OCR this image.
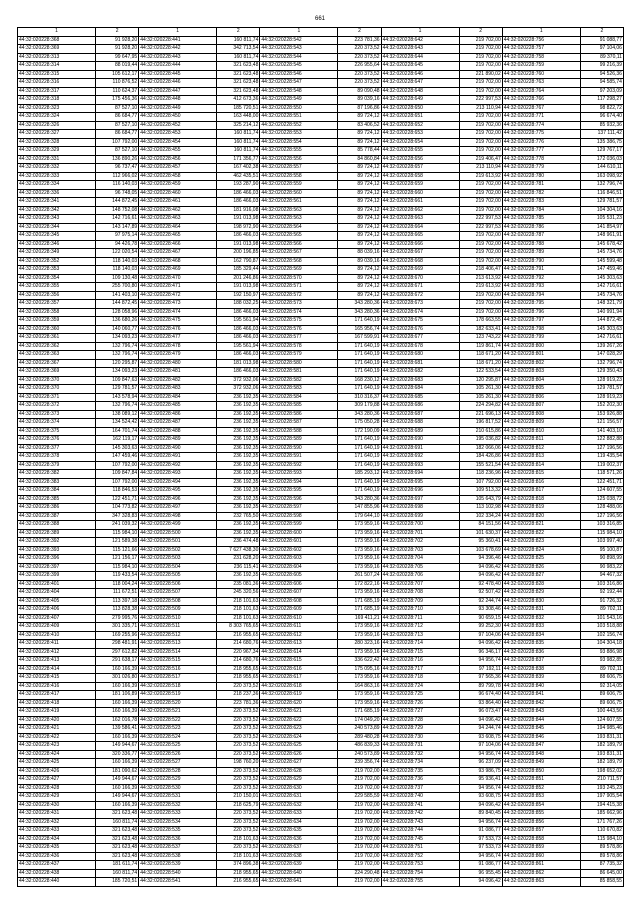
661
1	2	1	2	1	2	1	2	1	2
44:32:020228:368	91 928,20	44:32:020228:441	160 811,74	44:32:020228:542	223 781,36	44:32:020228:642	219 702,00	44:32:020228:756	91 088,77
44:32:020228:369	91 928,20	44:32:020228:442	342 713,54	44:32:020228:543	220 373,52	44:32:020228:643	219 702,00	44:32:020228:757	97 104,06
44:32:020228:313	99 647,95	44:32:020228:443	160 811,74	44:32:020228:544	220 373,52	44:32:020228:644	219 702,00	44:32:020228:758	89 370,11
44:32:020228:314	88 019,44	44:32:020228:444	321 623,48	44:32:020228:545	226 955,64	44:32:020228:645	219 702,00	44:32:020228:759	99 216,39
44:32:020228:315	105 612,17	44:32:020228:445	321 623,48	44:32:020228:546	220 373,52	44:32:020228:646	221 890,02	44:32:020228:760	94 526,36
44:32:020228:316	110 876,52	44:32:020228:446	321 623,48	44:32:020228:547	220 373,52	44:32:020228:647	219 702,00	44:32:020228:763	94 585,74
44:32:020228:317	110 624,37	44:32:020228:447	321 623,48	44:32:020228:548	89 090,48	44:32:020228:648	219 702,00	44:32:020228:764	97 203,09
44:32:020228:318	175 456,36	44:32:020228:448	412 673,36	44:32:020228:549	89 039,16	44:32:020228:649	222 997,53	44:32:020228:766	117 298,27
44:32:020228:323	87 527,10	44:32:020228:449	185 720,51	44:32:020228:550	87 196,86	44:32:020228:650	213 110,94	44:32:020228:767	98 822,72
44:32:020228:324	86 684,77	44:32:020228:450	163 448,00	44:32:020228:551	89 724,12	44:32:020228:651	219 702,00	44:32:020228:771	96 674,40
44:32:020228:326	87 527,10	44:32:020228:452	325 214,12	44:32:020228:552	83 406,52	44:32:020228:652	219 702,00	44:32:020228:774	85 932,36
44:32:020228:327	86 684,77	44:32:020228:453	160 811,74	44:32:020228:553	89 724,12	44:32:020228:653	219 702,00	44:32:020228:775	137 111,42
44:32:020228:328	107 792,00	44:32:020228:454	160 811,74	44:32:020228:554	89 724,12	44:32:020228:654	219 702,00	44:32:020228:776	135 386,75
44:32:020228:329	87 527,10	44:32:020228:455	160 811,74	44:32:020228:555	85 778,44	44:32:020228:655	219 702,00	44:32:020228:777	129 767,17
44:32:020228:331	136 890,26	44:32:020228:456	171 356,77	44:32:020228:556	84 860,84	44:32:020228:656	219 406,47	44:32:020228:778	172 036,03
44:32:020228:332	96 737,47	44:32:020228:457	167 402,38	44:32:020228:557	89 724,12	44:32:020228:657	213 110,94	44:32:020228:779	144 610,11
44:32:020228:333	112 966,02	44:32:020228:458	462 435,51	44:32:020228:558	89 724,12	44:32:020228:658	219 613,92	44:32:020228:780	163 098,92
44:32:020228:334	116 140,03	44:32:020228:459	193 287,90	44:32:020228:559	89 724,12	44:32:020228:659	219 702,00	44:32:020228:781	132 796,74
44:32:020228:336	96 748,05	44:32:020228:460	186 466,03	44:32:020228:560	89 724,12	44:32:020228:660	219 702,00	44:32:020228:782	116 846,51
44:32:020228:341	144 872,45	44:32:020228:461	186 466,03	44:32:020228:561	89 724,12	44:32:020228:661	219 702,00	44:32:020228:783	129 781,57
44:32:020228:342	148 752,08	44:32:020228:462	181 916,08	44:32:020228:563	89 724,12	44:32:020228:662	219 702,00	44:32:020228:784	104 304,16
44:32:020228:343	142 716,61	44:32:020228:463	191 013,98	44:32:020228:563	89 724,12	44:32:020228:663	222 997,53	44:32:020228:785	105 531,23
44:32:020228:344	143 147,89	44:32:020228:464	198 972,90	44:32:020228:564	89 724,12	44:32:020228:664	222 997,53	44:32:020228:786	141 854,97
44:32:020228:345	97 975,14	44:32:020228:465	186 466,03	44:32:020228:565	89 724,12	44:32:020228:665	219 702,00	44:32:020228:787	148 961,91
44:32:020228:346	94 426,78	44:32:020228:466	191 013,98	44:32:020228:566	89 724,12	44:32:020228:666	219 702,00	44:32:020228:788	145 678,42
44:32:020228:349	122 020,54	44:32:020228:467	200 196,85	44:32:020228:567	88 039,16	44:32:020228:667	219 702,00	44:32:020228:789	145 734,76
44:32:020228:352	118 140,03	44:32:020228:468	162 790,87	44:32:020228:568	89 039,16	44:32:020228:668	219 702,00	44:32:020228:790	145 599,48
44:32:020228:353	118 140,03	44:32:020228:469	185 329,44	44:32:020228:569	89 724,12	44:32:020228:669	218 406,47	44:32:020228:791	147 459,46
44:32:020228:354	109 130,48	44:32:020228:470	201 246,86	44:32:020228:570	89 724,12	44:32:020228:670	213 613,92	44:32:020228:792	145 303,63
44:32:020228:355	255 700,80	44:32:020228:471	191 013,98	44:32:020228:571	89 724,12	44:32:020228:671	219 613,92	44:32:020228:793	142 716,61
44:32:020228:356	141 403,10	44:32:020228:472	192 150,97	44:32:020228:572	89 724,12	44:32:020228:672	219 702,00	44:32:020228:794	145 734,76
44:32:020228:357	144 872,45	44:32:020228:473	188 032,25	44:32:020228:573	343 280,36	44:32:020228:673	219 702,00	44:32:020228:795	148 321,79
44:32:020228:358	128 058,96	44:32:020228:474	186 466,03	44:32:020228:574	343 280,36	44:32:020228:674	219 702,00	44:32:020228:796	140 991,94
44:32:020228:359	136 680,26	44:32:020228:475	195 561,94	44:32:020228:575	171 640,19	44:32:020228:675	178 663,55	44:32:020228:797	144 872,45
44:32:020228:360	140 060,77	44:32:020228:476	186 466,03	44:32:020228:576	165 956,74	44:32:020228:676	182 633,41	44:32:020228:798	145 303,63
44:32:020228:361	134 093,23	44:32:020228:477	186 466,03	44:32:020228:577	167 599,91	44:32:020228:677	123 743,22	44:32:020228:799	142 716,61
44:32:020228:362	132 796,74	44:32:020228:478	195 561,94	44:32:020228:578	171 640,19	44:32:020228:678	119 861,74	44:32:020228:800	139 267,26
44:32:020228:363	132 796,74	44:32:020228:479	186 466,03	44:32:020228:579	171 640,19	44:32:020228:680	118 671,20	44:32:020228:801	147 028,29
44:32:020228:367	120 295,87	44:32:020228:480	181 013,98	44:32:020228:580	171 640,19	44:32:020228:681	118 671,20	44:32:020228:802	132 796,74
44:32:020228:369	134 093,23	44:32:020228:481	186 466,03	44:32:020228:581	171 640,19	44:32:020228:682	122 533,54	44:32:020228:803	129 350,43
44:32:020228:370	109 847,63	44:32:020228:482	372 932,06	44:32:020228:582	168 230,12	44:32:020228:683	120 295,87	44:32:020228:804	128 919,23
44:32:020228:370	129 781,57	44:32:020228:483	372 932,06	44:32:020228:583	171 640,19	44:32:020228:684	105 261,30	44:32:020228:805	129 781,57
44:32:020228:371	143 578,94	44:32:020228:484	236 192,35	44:32:020228:584	310 316,37	44:32:020228:685	105 261,30	44:32:020228:806	128 919,23
44:32:020228:372	132 796,74	44:32:020228:485	236 192,35	44:32:020228:585	309 179,88	44:32:020228:686	224 294,82	44:32:020228:807	152 202,30
44:32:020228:373	138 089,12	44:32:020228:486	236 192,35	44:32:020228:586	343 280,36	44:32:020228:687	221 696,13	44:32:020228:808	153 926,88
44:32:020228:374	134 524,42	44:32:020228:487	236 192,35	44:32:020228:587	175 050,28	44:32:020228:688	196 817,52	44:32:020228:809	121 156,57
44:32:020228:375	164 701,74	44:32:020228:488	236 192,35	44:32:020228:588	172 190,09	44:32:020228:689	210 615,86	44:32:020228:810	141 403,10
44:32:020228:376	162 119,17	44:32:020228:489	236 192,35	44:32:020228:589	171 640,19	44:32:020228:690	195 036,82	44:32:020228:811	122 882,88
44:32:020228:377	145 303,63	44:32:020228:490	236 192,35	44:32:020228:590	171 640,19	44:32:020228:691	182 066,06	44:32:020228:812	127 196,56
44:32:020228:378	147 459,46	44:32:020228:491	236 192,35	44:32:020228:591	171 640,19	44:32:020228:692	184 426,86	44:32:020228:813	119 435,54
44:32:020228:379	107 792,00	44:32:020228:492	236 192,35	44:32:020228:592	171 640,19	44:32:020228:693	155 521,54	44:32:020228:814	119 002,37
44:32:020228:382	109 847,84	44:32:020228:493	236 192,35	44:32:020228:593	185 293,12	44:32:020228:694	118 236,96	44:32:020228:815	118 571,26
44:32:020228:383	107 792,00	44:32:020228:494	236 192,35	44:32:020228:594	171 640,19	44:32:020228:695	107 792,00	44:32:020228:816	122 451,71
44:32:020228:384	118 846,53	44:32:020228:495	236 192,35	44:32:020228:595	171 640,19	44:32:020228:696	109 513,32	44:32:020228:817	124 607,55
44:32:020228:385	122 451,71	44:32:020228:496	236 192,35	44:32:020228:596	343 280,36	44:32:020228:697	105 643,79	44:32:020228:818	125 038,72
44:32:020228:386	104 773,82	44:32:020228:497	236 192,35	44:32:020228:597	147 855,96	44:32:020228:698	113 102,98	44:32:020228:819	128 488,06
44:32:020228:387	347 328,83	44:32:020228:498	232 765,50	44:32:020228:598	179 644,10	44:32:020228:699	102 334,24	44:32:020228:820	127 196,56
44:32:020228:388	241 039,32	44:32:020228:499	236 192,35	44:32:020228:599	173 959,16	44:32:020228:700	84 151,56	44:32:020228:821	103 316,85
44:32:020228:389	115 984,10	44:32:020228:500	236 192,35	44:32:020228:600	173 959,16	44:32:020228:701	101 630,37	44:32:020228:822	115 984,10
44:32:020228:392	121 589,38	44:32:020228:501	236 474,48	44:32:020228:601	173 959,16	44:32:020228:702	95 360,41	44:32:020228:823	103 997,40
44:32:020228:393	115 121,66	44:32:020228:502	7 627 438,30	44:32:020228:602	173 959,16	44:32:020228:703	103 678,69	44:32:020228:824	95 100,87
44:32:020228:396	121 156,17	44:32:020228:503	231 628,20	44:32:020228:603	173 959,16	44:32:020228:704	94 396,46	44:32:020228:825	90 898,99
44:32:020228:397	115 984,10	44:32:020228:504	236 115,41	44:32:020228:604	173 959,16	44:32:020228:705	94 096,42	44:32:020228:826	90 983,22
44:32:020228:399	119 433,54	44:32:020228:505	236 192,35	44:32:020228:605	261 507,24	44:32:020228:706	94 096,42	44:32:020228:827	94 467,32
44:32:020228:401	118 004,24	44:32:020228:506	235 081,36	44:32:020228:606	172 822,16	44:32:020228:707	92 478,40	44:32:020228:828	103 316,86
44:32:020228:404	111 672,51	44:32:020228:507	245 320,56	44:32:020228:607	173 959,16	44:32:020228:708	92 507,42	44:32:020228:829	92 192,44
44:32:020228:405	113 397,18	44:32:020228:508	218 101,63	44:32:020228:608	171 685,19	44:32:020228:709	92 244,74	44:32:020228:830	91 726,32
44:32:020228:406	113 828,38	44:32:020228:509	218 101,63	44:32:020228:609	171 685,19	44:32:020228:710	93 308,46	44:32:020228:831	89 702,11
44:32:020228:407	279 995,76	44:32:020228:510	218 101,63	44:32:020228:610	169 411,21	44:32:020228:711	90 659,15	44:32:020228:832	101 543,16
44:32:020228:409	301 335,71	44:32:020228:511	8 303 765,65	44:32:020228:611	173 959,16	44:32:020228:712	99 252,30	44:32:020228:833	103 518,88
44:32:020228:410	169 255,96	44:32:020228:512	216 955,65	44:32:020228:612	173 959,16	44:32:020228:713	97 104,06	44:32:020228:834	102 156,74
44:32:020228:411	298 481,91	44:32:020228:513	214 680,76	44:32:020228:613	280 323,16	44:32:020228:714	94 096,42	44:32:020228:835	104 304,18
44:32:020228:412	297 612,82	44:32:020228:514	220 967,34	44:32:020228:614	173 959,16	44:32:020228:715	96 346,17	44:32:020228:836	93 886,98
44:32:020228:413	291 638,17	44:32:020228:515	214 680,76	44:32:020228:615	336 622,42	44:32:020228:716	94 956,74	44:32:020228:837	93 982,85
44:32:020228:414	160 166,39	44:32:020228:516	218 955,65	44:32:020228:616	175 095,16	44:32:020228:717	97 192,11	44:32:020228:838	89 702,11
44:32:020228:415	301 026,80	44:32:020228:517	218 955,65	44:32:020228:617	173 959,16	44:32:020228:718	97 565,36	44:32:020228:839	88 606,75
44:32:020228:416	160 166,39	44:32:020228:518	220 373,52	44:32:020228:618	164 863,16	44:32:020228:724	89 799,78	44:32:020228:840	92 314,05
44:32:020228:417	181 106,89	44:32:020228:519	218 237,36	44:32:020228:619	173 959,16	44:32:020228:725	96 674,40	44:32:020228:841	89 606,75
44:32:020228:418	160 166,39	44:32:020228:520	223 781,36	44:32:020228:620	173 959,16	44:32:020228:726	93 864,40	44:32:020228:842	89 606,75
44:32:020228:419	160 166,39	44:32:020228:521	220 373,52	44:32:020228:621	171 685,19	44:32:020228:727	96 073,47	44:32:020228:843	100 443,56
44:32:020228:420	162 016,78	44:32:020228:522	220 373,52	44:32:020228:622	174 049,20	44:32:020228:728	94 096,42	44:32:020228:844	124 607,55
44:32:020228:421	139 586,41	44:32:020228:523	220 373,52	44:32:020228:623	240 573,89	44:32:020228:729	94 244,74	44:32:020228:845	194 985,46
44:32:020228:422	160 166,39	44:32:020228:524	220 373,52	44:32:020228:624	289 480,28	44:32:020228:730	93 608,75	44:32:020228:846	193 831,31
44:32:020228:423	149 944,67	44:32:020228:525	220 373,52	44:32:020228:625	486 839,33	44:32:020228:731	97 104,06	44:32:020228:847	182 189,79
44:32:020228:424	320 336,77	44:32:020228:526	220 373,52	44:32:020228:626	240 573,89	44:32:020228:732	94 956,74	44:32:020228:848	193 831,31
44:32:020228:425	160 166,39	44:32:020228:527	198 760,20	44:32:020228:627	239 356,74	44:32:020228:734	96 237,09	44:32:020228:849	182 189,79
44:32:020228:426	181 090,62	44:32:020228:528	220 373,52	44:32:020228:628	219 702,00	44:32:020228:735	93 986,75	44:32:020228:850	198 652,02
44:32:020228:427	149 944,67	44:32:020228:529	220 373,52	44:32:020228:629	219 702,00	44:32:020228:736	95 936,41	44:32:020228:851	210 711,57
44:32:020228:428	160 166,39	44:32:020228:530	220 373,52	44:32:020228:630	219 702,00	44:32:020228:737	94 956,74	44:32:020228:852	193 245,23
44:32:020228:429	149 944,67	44:32:020228:531	210 150,01	44:32:020228:631	229 585,59	44:32:020228:740	93 608,75	44:32:020228:853	197 905,54
44:32:020228:430	160 166,39	44:32:020228:532	218 625,79	44:32:020228:632	219 702,00	44:32:020228:741	94 096,42	44:32:020228:854	194 415,38
44:32:020228:431	321 623,48	44:32:020228:533	220 373,52	44:32:020228:633	219 702,00	44:32:020228:742	89 840,45	44:32:020228:855	185 662,96
44:32:020228:432	160 811,74	44:32:020228:534	220 373,52	44:32:020228:634	219 702,00	44:32:020228:743	94 956,74	44:32:020228:856	171 767,26
44:32:020228:433	321 623,48	44:32:020228:535	220 373,52	44:32:020228:635	219 702,00	44:32:020228:744	91 086,77	44:32:020228:857	110 670,82
44:32:020228:434	321 623,48	44:32:020228:536	218 101,63	44:32:020228:636	219 702,00	44:32:020228:745	97 533,73	44:32:020228:858	115 984,10
44:32:020228:435	321 623,48	44:32:020228:537	220 373,52	44:32:020228:637	219 702,00	44:32:020228:751	97 533,73	44:32:020228:859	89 578,86
44:32:020228:436	321 623,48	44:32:020228:538	218 101,63	44:32:020228:638	219 702,00	44:32:020228:752	94 956,74	44:32:020228:860	89 578,86
44:32:020228:437	181 611,74	44:32:020228:539	374 896,38	44:32:020228:639	219 702,00	44:32:020228:753	91 086,77	44:32:020228:861	87 735,32
44:32:020228:438	160 811,74	44:32:020228:540	218 955,65	44:32:020228:640	224 290,48	44:32:020228:754	96 955,45	44:32:020228:862	86 645,00
44:32:020228:440	185 720,51	44:32:020228:541	216 955,65	44:32:020228:641	219 702,00	44:32:020228:755	94 096,42	44:32:020228:863	85 858,55
